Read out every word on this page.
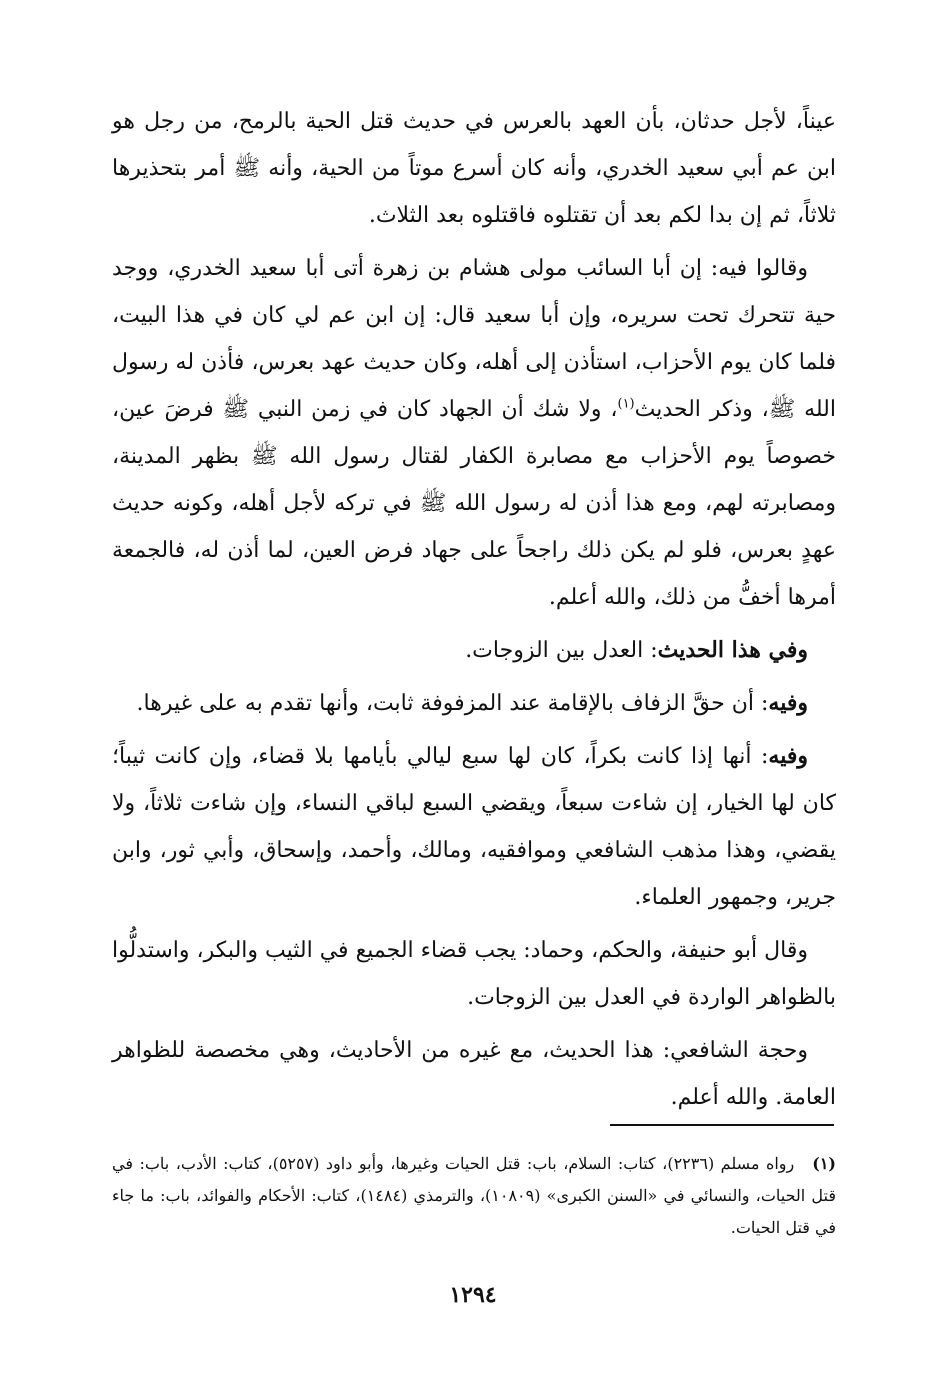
عيناً، لأجل حدثان، بأن العهد بالعرس في حديث قتل الحية بالرمح، من رجل هو ابن عم أبي سعيد الخدري، وأنه كان أسرع موتاً من الحية، وأنه ﷺ أمر بتحذيرها ثلاثاً، ثم إن بدا لكم بعد أن تقتلوه فاقتلوه بعد الثلاث.

وقالوا فيه: إن أبا السائب مولى هشام بن زهرة أتى أبا سعيد الخدري، ووجد حية تتحرك تحت سريره، وإن أبا سعيد قال: إن ابن عم لي كان في هذا البيت، فلما كان يوم الأحزاب، استأذن إلى أهله، وكان حديث عهد بعرس، فأذن له رسول الله ﷺ، وذكر الحديث$^{(١)}$، ولا شك أن الجهاد كان في زمن النبي ﷺ فرضَ عين، خصوصاً يوم الأحزاب مع مصابرة الكفار لقتال رسول الله ﷺ بظهر المدينة، ومصابرته لهم، ومع هذا أذن له رسول الله ﷺ في تركه لأجل أهله، وكونه حديث عهدٍ بعرس، فلو لم يكن ذلك راجحاً على جهاد فرض العين، لما أذن له، فالجمعة أمرها أخفُّ من ذلك، والله أعلم.

وفي هذا الحديث: العدل بين الزوجات.

وفيه: أن حقَّ الزفاف بالإقامة عند المزفوفة ثابت، وأنها تقدم به على غيرها.

وفيه: أنها إذا كانت بكراً، كان لها سبع ليالي بأيامها بلا قضاء، وإن كانت ثيباً؛ كان لها الخيار، إن شاءت سبعاً، ويقضي السبع لباقي النساء، وإن شاءت ثلاثاً، ولا يقضي، وهذا مذهب الشافعي وموافقيه، ومالك، وأحمد، وإسحاق، وأبي ثور، وابن جرير، وجمهور العلماء.

وقال أبو حنيفة، والحكم، وحماد: يجب قضاء الجميع في الثيب والبكر، واستدلُّوا بالظواهر الواردة في العدل بين الزوجات.

وحجة الشافعي: هذا الحديث، مع غيره من الأحاديث، وهي مخصصة للظواهر العامة. والله أعلم.

(١)رواه مسلم (٢٢٣٦)، كتاب: السلام، باب: قتل الحيات وغيرها، وأبو داود (٥٢٥٧)، كتاب: الأدب، باب: في قتل الحيات، والنسائي في «السنن الكبرى» (١٠٨٠٩)، والترمذي (١٤٨٤)، كتاب: الأحكام والفوائد، باب: ما جاء في قتل الحيات.

١٢٩٤
